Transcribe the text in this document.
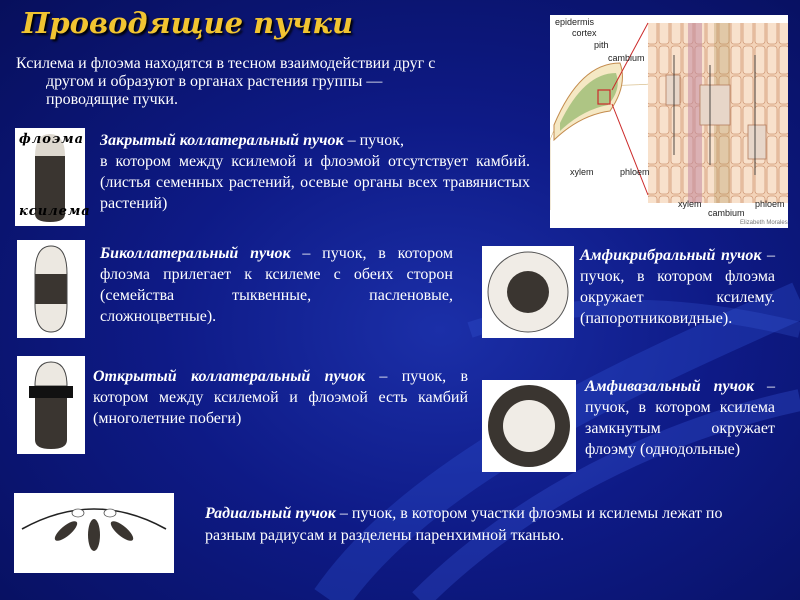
Проводящие пучки
Ксилема и флоэма находятся в тесном взаимодействии друг с
другом и образуют в органах растения группы —
проводящие пучки.
флоэма
ксилема
Закрытый коллатеральный пучок – пучок,
в котором между ксилемой и флоэмой отсутствует камбий. (листья семенных растений, осевые органы всех травянистых растений)
Биколлатеральный пучок – пучок, в котором флоэма прилегает к ксилеме с обеих сторон (семейства тыквенные, пасленовые, сложноцветные).
Открытый коллатеральный пучок – пучок, в котором между ксилемой и флоэмой есть камбий (многолетние побеги)
Амфикрибральный пучок – пучок, в котором флоэма окружает ксилему. (папоротниковидные).
Амфивазальный пучок – пучок, в котором ксилема замкнутым окружает флоэму (однодольные)
Радиальный пучок – пучок, в котором участки флоэмы и ксилемы лежат по разным радиусам и разделены паренхимной тканью.
epidermis
cortex
pith
cambium
xylem	phloem
xylem
cambium
phloem
Elizabeth Morales
